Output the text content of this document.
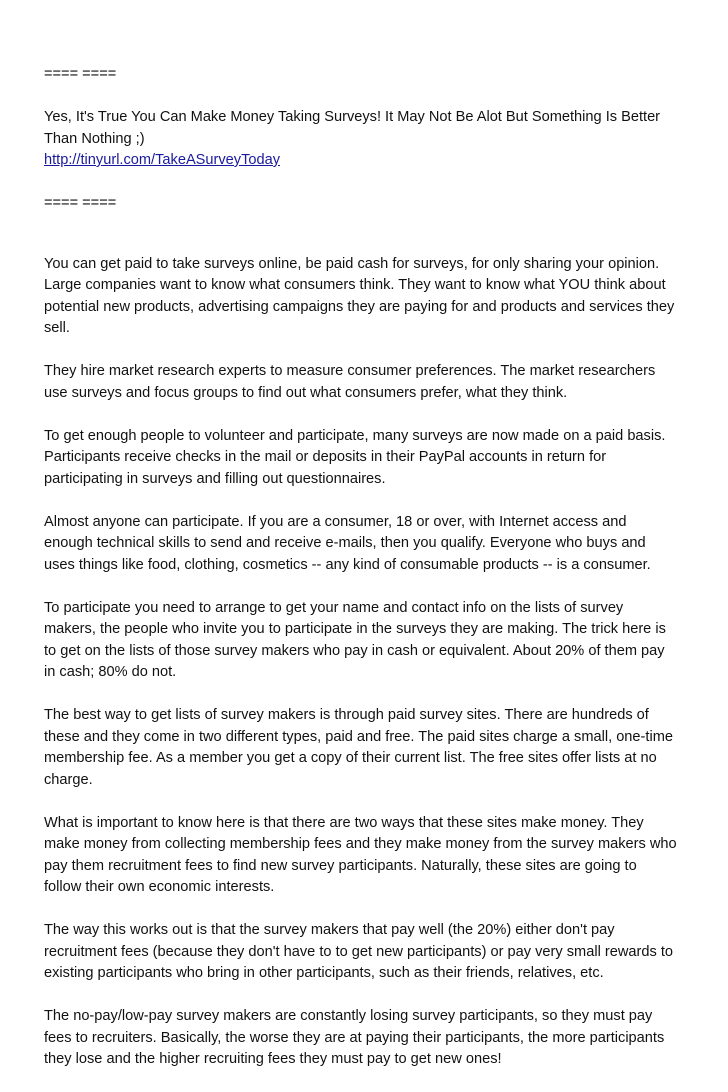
==== ====

Yes, It's True You Can Make Money Taking Surveys! It May Not Be Alot But Something Is Better

Than Nothing ;)

http://tinyurl.com/TakeASurveyToday

==== ====

You can get paid to take surveys online, be paid cash for surveys, for only sharing your opinion.

Large companies want to know what consumers think. They want to know what YOU think about

potential new products, advertising campaigns they are paying for and products and services they

sell.

They hire market research experts to measure consumer preferences. The market researchers

use surveys and focus groups to find out what consumers prefer, what they think.

To get enough people to volunteer and participate, many surveys are now made on a paid basis.

Participants receive checks in the mail or deposits in their PayPal accounts in return for

participating in surveys and filling out questionnaires.

Almost anyone can participate. If you are a consumer, 18 or over, with Internet access and

enough technical skills to send and receive e-mails, then you qualify. Everyone who buys and

uses things like food, clothing, cosmetics -- any kind of consumable products -- is a consumer.

To participate you need to arrange to get your name and contact info on the lists of survey

makers, the people who invite you to participate in the surveys they are making. The trick here is

to get on the lists of those survey makers who pay in cash or equivalent. About 20% of them pay

in cash; 80% do not.

The best way to get lists of survey makers is through paid survey sites. There are hundreds of

these and they come in two different types, paid and free. The paid sites charge a small, one-time

membership fee. As a member you get a copy of their current list. The free sites offer lists at no

charge.

What is important to know here is that there are two ways that these sites make money. They

make money from collecting membership fees and they make money from the survey makers who

pay them recruitment fees to find new survey participants. Naturally, these sites are going to

follow their own economic interests.

The way this works out is that the survey makers that pay well (the 20%) either don't pay

recruitment fees (because they don't have to to get new participants) or pay very small rewards to

existing participants who bring in other participants, such as their friends, relatives, etc.

The no-pay/low-pay survey makers are constantly losing survey participants, so they must pay

fees to recruiters. Basically, the worse they are at paying their participants, the more participants

they lose and the higher recruiting fees they must pay to get new ones!
